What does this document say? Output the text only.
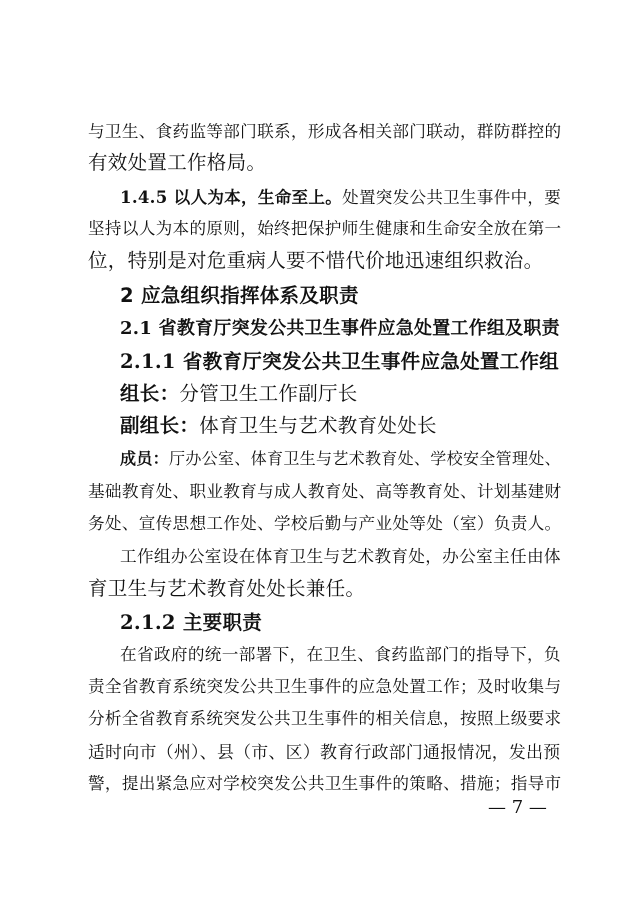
与卫生、食药监等部门联系，形成各相关部门联动，群防群控的
有效处置工作格局。
1.4.5 以人为本，生命至上。处置突发公共卫生事件中，要
坚持以人为本的原则，始终把保护师生健康和生命安全放在第一
位，特别是对危重病人要不惜代价地迅速组织救治。
2 应急组织指挥体系及职责
2.1 省教育厅突发公共卫生事件应急处置工作组及职责
2.1.1 省教育厅突发公共卫生事件应急处置工作组
组长：分管卫生工作副厅长
副组长：体育卫生与艺术教育处处长
成员：厅办公室、体育卫生与艺术教育处、学校安全管理处、
基础教育处、职业教育与成人教育处、高等教育处、计划基建财
务处、宣传思想工作处、学校后勤与产业处等处（室）负责人。
工作组办公室设在体育卫生与艺术教育处，办公室主任由体
育卫生与艺术教育处处长兼任。
2.1.2 主要职责
在省政府的统一部署下，在卫生、食药监部门的指导下，负
责全省教育系统突发公共卫生事件的应急处置工作；及时收集与
分析全省教育系统突发公共卫生事件的相关信息，按照上级要求
适时向市（州）、县（市、区）教育行政部门通报情况，发出预
警，提出紧急应对学校突发公共卫生事件的策略、措施；指导市
— 7 —
